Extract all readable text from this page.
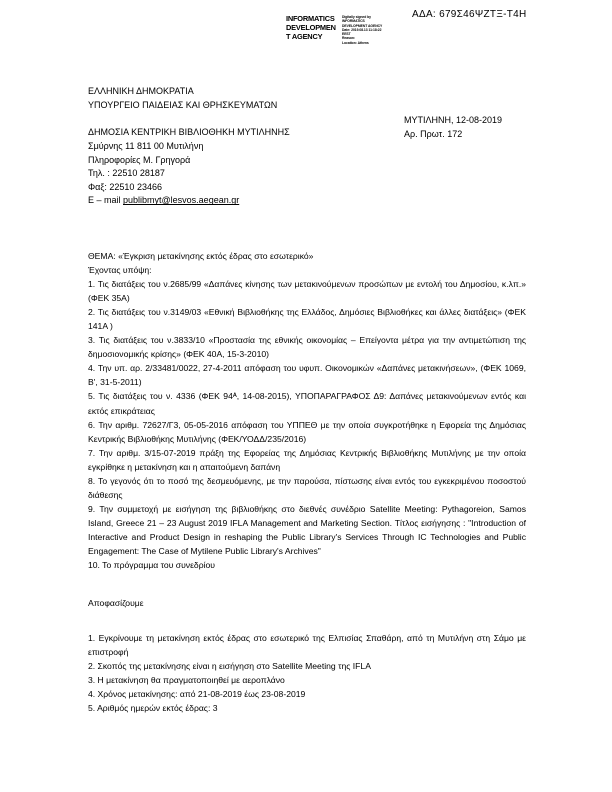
INFORMATICS
DEVELOPMEN
T AGENCY
Digitally signed by
INFORMATICS
DEVELOPMENT AGENCY
Date: 2019.08.13 11:18:22
EEST
Reason:
Location: Athens
ΑΔΑ: 679Σ46ΨΖΤΞ-Τ4Η
ΕΛΛΗΝΙΚΗ ΔΗΜΟΚΡΑΤΙΑ
ΥΠΟΥΡΓΕΙΟ ΠΑΙΔΕΙΑΣ ΚΑΙ ΘΡΗΣΚΕΥΜΑΤΩΝ
ΔΗΜΟΣΙΑ ΚΕΝΤΡΙΚΗ ΒΙΒΛΙΟΘΗΚΗ ΜΥΤΙΛΗΝΗΣ
Σμύρνης 11 811 00 Μυτιλήνη
Πληροφορίες Μ. Γρηγορά
Τηλ. : 22510 28187
Φαξ: 22510 23466
E – mail publibmyt@lesvos.aegean.gr
ΜΥΤΙΛΗΝΗ, 12-08-2019
Αρ. Πρωτ. 172

ΘΕΜΑ: «Έγκριση μετακίνησης εκτός έδρας στο εσωτερικό»

Έχοντας υπόψη:

1. Τις διατάξεις του ν.2685/99 «Δαπάνες κίνησης των μετακινούμενων προσώπων με εντολή του Δημοσίου, κ.λπ.» (ΦΕΚ 35Α)

2. Τις διατάξεις του ν.3149/03 «Εθνική Βιβλιοθήκης της Ελλάδος, Δημόσιες Βιβλιοθήκες και άλλες διατάξεις» (ΦΕΚ 141Α )

3. Τις διατάξεις του ν.3833/10 «Προστασία της εθνικής οικονομίας – Επείγοντα μέτρα για την αντιμετώπιση της δημοσιονομικής κρίσης» (ΦΕΚ 40Α, 15-3-2010)

4. Την υπ. αρ. 2/33481/0022, 27-4-2011 απόφαση του υφυπ. Οικονομικών «Δαπάνες μετακινήσεων», (ΦΕΚ 1069, Β', 31-5-2011)

5. Τις διατάξεις του ν. 4336 (ΦΕΚ 94ᴬ, 14-08-2015), ΥΠΟΠΑΡΑΓΡΑΦΟΣ Δ9: Δαπάνες μετακινούμενων εντός και εκτός επικράτειας

6. Την αριθμ. 72627/Γ3, 05-05-2016 απόφαση του ΥΠΠΕΘ με την οποία συγκροτήθηκε η Εφορεία της Δημόσιας Κεντρικής Βιβλιοθήκης Μυτιλήνης (ΦΕΚ/ΥΟΔΔ/235/2016)

7. Την αριθμ. 3/15-07-2019 πράξη της Εφορείας της Δημόσιας Κεντρικής Βιβλιοθήκης Μυτιλήνης με την οποία εγκρίθηκε η μετακίνηση και η απαιτούμενη δαπάνη

8. Το γεγονός ότι το ποσό της δεσμευόμενης, με την παρούσα, πίστωσης είναι εντός του εγκεκριμένου ποσοστού διάθεσης

9. Την συμμετοχή με εισήγηση της βιβλιοθήκης στο διεθνές συνέδριο Satellite Meeting: Pythagoreion, Samos Island, Greece 21 – 23 August 2019 IFLA Management and Marketing Section. Τίτλος εισήγησης : "Introduction of Interactive and Product Design in reshaping the Public Library's Services Through IC Technologies and Public Engagement: The Case of Mytilene Public Library's Archives"

10. Το πρόγραμμα του συνεδρίου

Αποφασίζουμε

1. Εγκρίνουμε τη μετακίνηση εκτός έδρας στο εσωτερικό της Ελπισίας Σπαθάρη, από τη Μυτιλήνη στη Σάμο με επιστροφή

2. Σκοπός της μετακίνησης είναι η εισήγηση στο Satellite Meeting της IFLA

3. Η μετακίνηση θα πραγματοποιηθεί με αεροπλάνο

4. Χρόνος μετακίνησης: από 21-08-2019 έως 23-08-2019

5. Αριθμός ημερών εκτός έδρας: 3
